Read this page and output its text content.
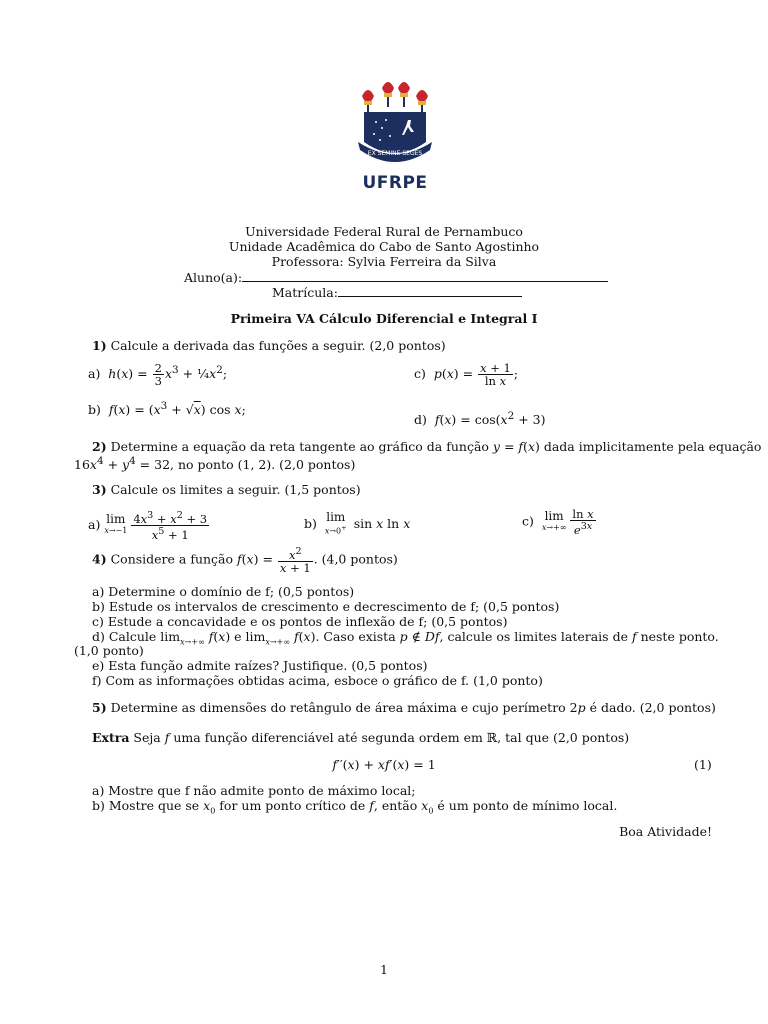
EX SEMINE SEGES
UFRPE
Universidade Federal Rural de Pernambuco
Unidade Acadêmica do Cabo de Santo Agostinho
Professora: Sylvia Ferreira da Silva
Aluno(a):
Matrícula:
Primeira VA Cálculo Diferencial e Integral I
1) Calcule a derivada das funções a seguir. (2,0 pontos)
a)  $h(x) = \frac{2}{3} x^3$ + $\frac{1}{4}x^2$;	c)  $p(x) = \frac{x + 1}{\text{ln x}}$ ;
b)  $f(x) = (x^3 + √x)$ cos x;
d)  $f(x) = \cos(x^2 + 3)$
2) Determine a equação da reta tangente ao gráfico da função y = f(x) dada implicitamente pela equação
$16x^4 + y^4 = 32$, no ponto (1, 2). (2,0 pontos)
3) Calcule os limites a seguir. (1,5 pontos)
a) lim
$x\to-1 \frac{4x^3 + x^2 + 3}{x^5 + 1}$	b) lim
x→0+ sin x ln x	c) lim
$x\to+\infty \frac{\text{ln x}}{e^{3x}}$
4) Considere a função $f(x) = \frac{x^2}{x + 1}$ . (4,0 pontos)
a) Determine o domínio de f; (0,5 pontos)
b) Estude os intervalos de crescimento e decrescimento de f; (0,5 pontos)
c) Estude a concavidade e os pontos de inflexão de f; (0,5 pontos)
d) Calcule $\lim_{x\to+\infty} f(x)$ e $\lim_{x\to+\infty} f(x)$. Caso exista p ∉ Df, calcule os limites laterais de f neste ponto.
(1,0 ponto)
e) Esta função admite raízes? Justifique. (0,5 pontos)
f) Com as informações obtidas acima, esboce o gráfico de f. (1,0 ponto)
5) Determine as dimensões do retângulo de área máxima e cujo perímetro 2p é dado. (2,0 pontos)
Extra Seja f uma função diferenciável até segunda ordem em ℝ, tal que (2,0 pontos)
f′′(x) + xf′(x) = 1	(1)
a) Mostre que f não admite ponto de máximo local;
b) Mostre que se $x_0$ for um ponto crítico de f, então $x_0$ é um ponto de mínimo local.
Boa Atividade!
1
